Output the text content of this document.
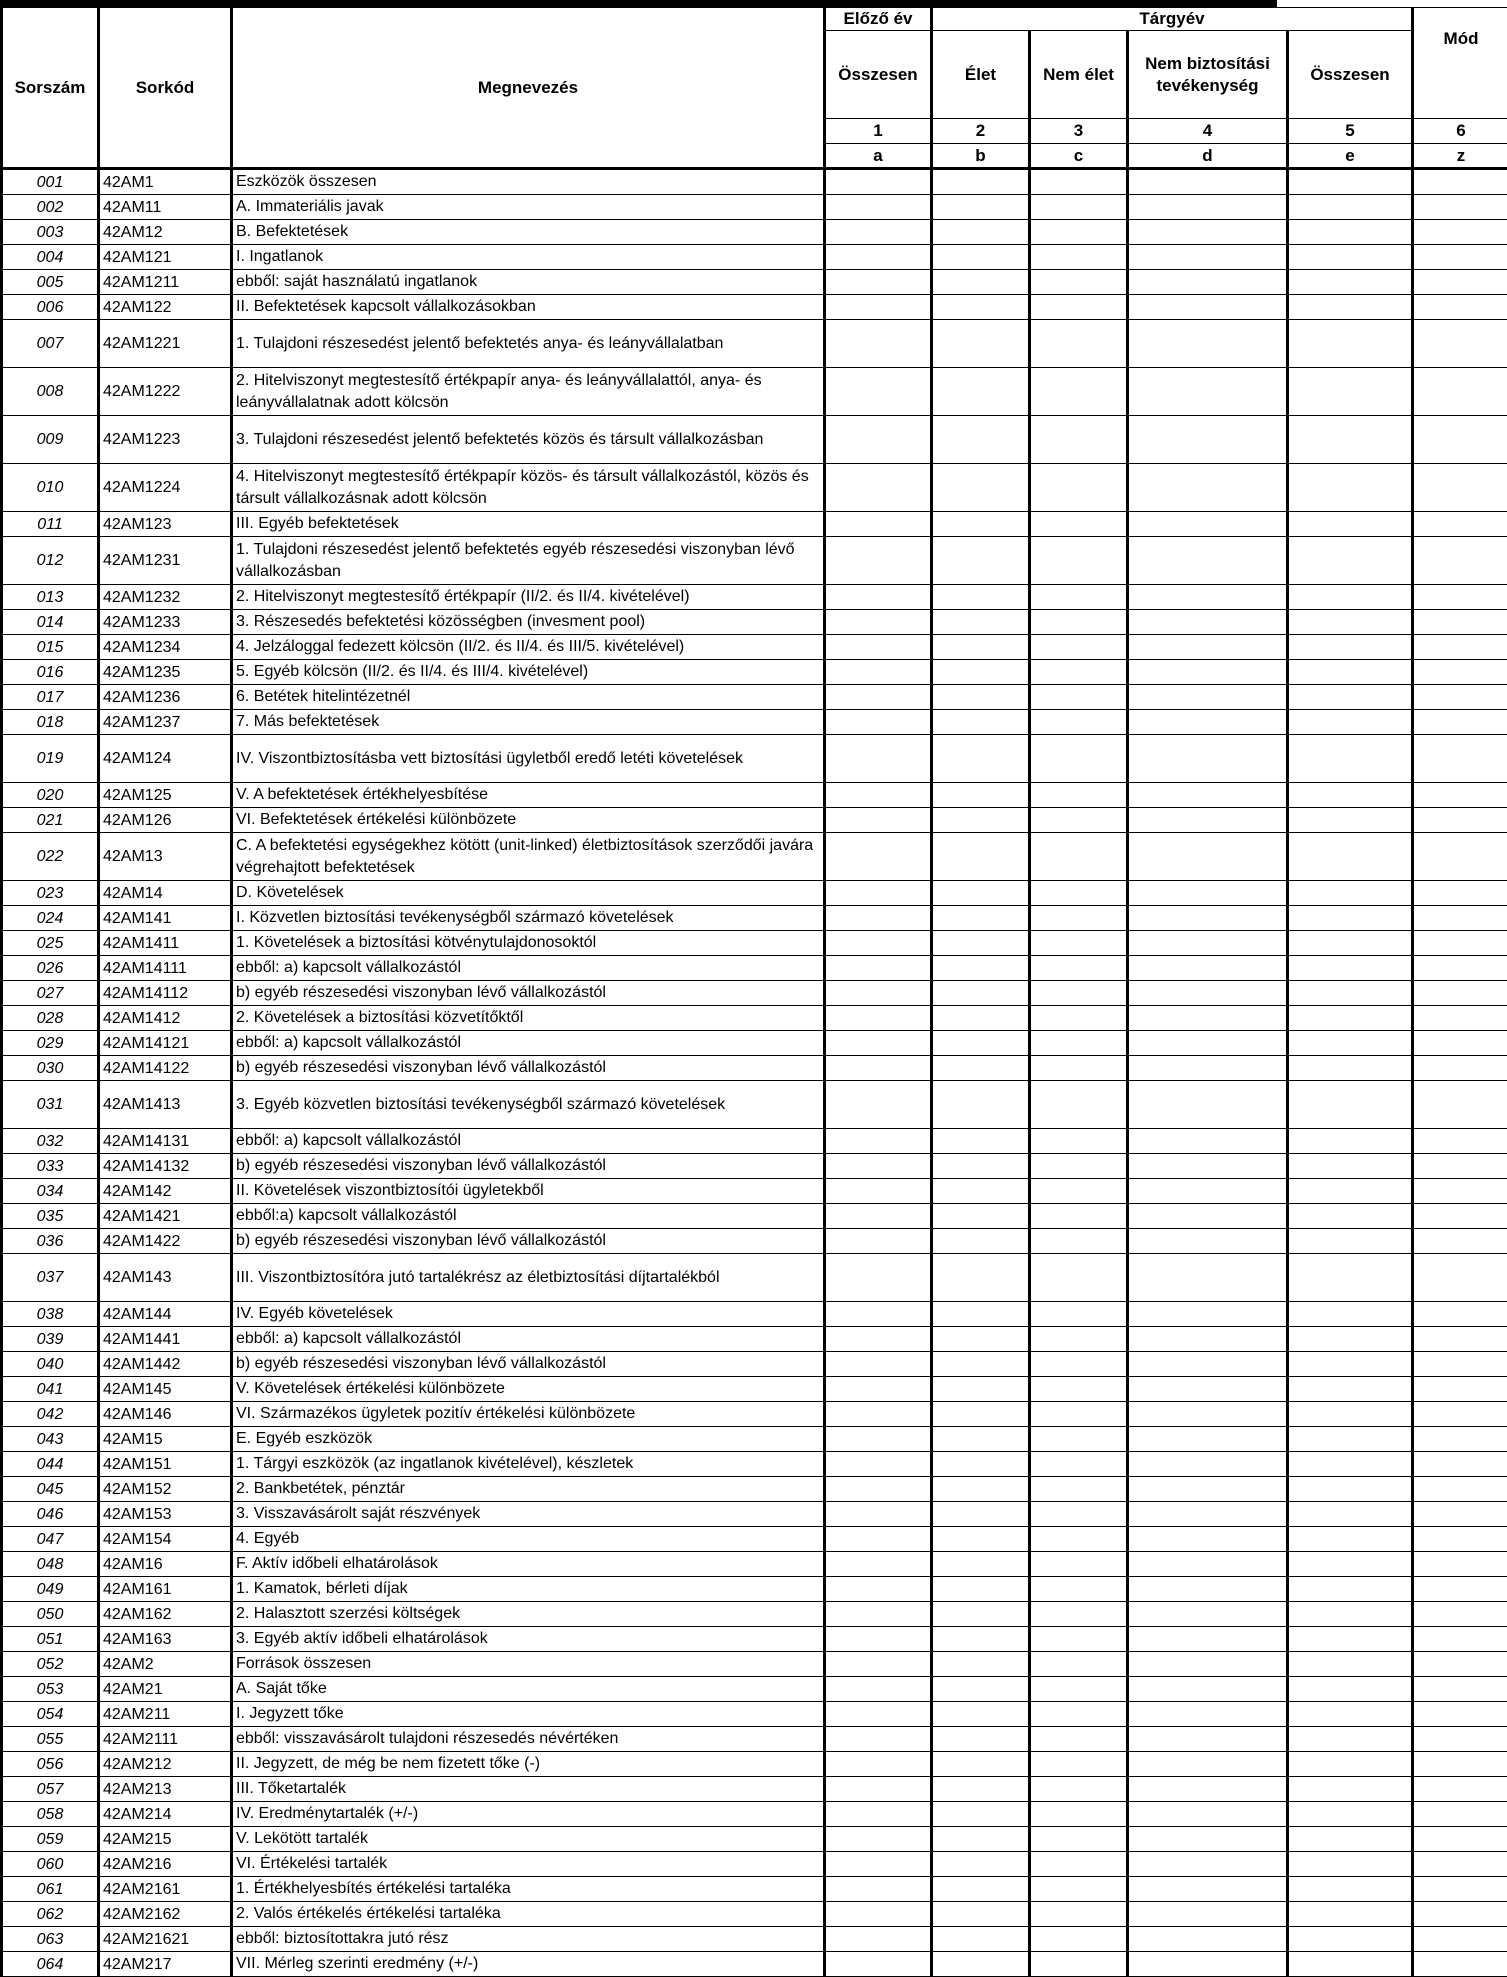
Sorszám	Sorkód	Megnevezés	Előző év	Tárgyév				Mód
			Összesen	Élet	Nem élet	Nem biztosítási tevékenység	Összesen	
			1	2	3	4	5	6
			a	b	c	d	e	z
001	42AM1	Eszközök összesen						
002	42AM11	A. Immateriális javak						
003	42AM12	B. Befektetések						
004	42AM121	I. Ingatlanok						
005	42AM1211	ebből: saját használatú ingatlanok						
006	42AM122	II. Befektetések kapcsolt vállalkozásokban						
007	42AM1221	1. Tulajdoni részesedést jelentő befektetés anya- és leányvállalatban						
008	42AM1222	2. Hitelviszonyt megtestesítő értékpapír anya- és leányvállalattól, anya- és leányvállalatnak adott kölcsön						
009	42AM1223	3. Tulajdoni részesedést jelentő befektetés közös és társult vállalkozásban						
010	42AM1224	4. Hitelviszonyt megtestesítő értékpapír közös- és társult vállalkozástól, közös és társult vállalkozásnak adott kölcsön						
011	42AM123	III. Egyéb befektetések						
012	42AM1231	1. Tulajdoni részesedést jelentő befektetés egyéb részesedési viszonyban lévő vállalkozásban						
013	42AM1232	2. Hitelviszonyt megtestesítő értékpapír (II/2. és II/4. kivételével)						
014	42AM1233	3. Részesedés befektetési közösségben (invesment pool)						
015	42AM1234	4. Jelzáloggal fedezett kölcsön (II/2. és II/4. és III/5. kivételével)						
016	42AM1235	5. Egyéb kölcsön (II/2. és II/4. és III/4. kivételével)						
017	42AM1236	6. Betétek hitelintézetnél						
018	42AM1237	7. Más befektetések						
019	42AM124	IV. Viszontbiztosításba vett biztosítási ügyletből eredő letéti követelések						
020	42AM125	V. A befektetések értékhelyesbítése						
021	42AM126	VI. Befektetések értékelési különbözete						
022	42AM13	C. A befektetési egységekhez kötött (unit-linked) életbiztosítások szerződői javára végrehajtott befektetések						
023	42AM14	D. Követelések						
024	42AM141	I. Közvetlen biztosítási tevékenységből származó követelések						
025	42AM1411	1. Követelések a biztosítási kötvénytulajdonosoktól						
026	42AM14111	ebből: a) kapcsolt vállalkozástól						
027	42AM14112	b) egyéb részesedési viszonyban lévő vállalkozástól						
028	42AM1412	2. Követelések a biztosítási közvetítőktől						
029	42AM14121	ebből: a) kapcsolt vállalkozástól						
030	42AM14122	b) egyéb részesedési viszonyban lévő vállalkozástól						
031	42AM1413	3. Egyéb közvetlen biztosítási tevékenységből származó követelések						
032	42AM14131	ebből: a) kapcsolt vállalkozástól						
033	42AM14132	b) egyéb részesedési viszonyban lévő vállalkozástól						
034	42AM142	II. Követelések viszontbiztosítói ügyletekből						
035	42AM1421	ebből:a) kapcsolt vállalkozástól						
036	42AM1422	b) egyéb részesedési viszonyban lévő vállalkozástól						
037	42AM143	III. Viszontbiztosítóra jutó tartalékrész az életbiztosítási díjtartalékból						
038	42AM144	IV. Egyéb követelések						
039	42AM1441	ebből: a) kapcsolt vállalkozástól						
040	42AM1442	b) egyéb részesedési viszonyban lévő vállalkozástól						
041	42AM145	V. Követelések értékelési különbözete						
042	42AM146	VI. Származékos ügyletek pozitív értékelési különbözete						
043	42AM15	E. Egyéb eszközök						
044	42AM151	1. Tárgyi eszközök (az ingatlanok kivételével), készletek						
045	42AM152	2. Bankbetétek, pénztár						
046	42AM153	3. Visszavásárolt saját részvények						
047	42AM154	4. Egyéb						
048	42AM16	F. Aktív időbeli elhatárolások						
049	42AM161	1. Kamatok, bérleti díjak						
050	42AM162	2. Halasztott szerzési költségek						
051	42AM163	3. Egyéb aktív időbeli elhatárolások						
052	42AM2	Források összesen						
053	42AM21	A. Saját tőke						
054	42AM211	I. Jegyzett tőke						
055	42AM2111	ebből: visszavásárolt tulajdoni részesedés névértéken						
056	42AM212	II. Jegyzett, de még be nem fizetett tőke (-)						
057	42AM213	III. Tőketartalék						
058	42AM214	IV. Eredménytartalék (+/-)						
059	42AM215	V. Lekötött tartalék						
060	42AM216	VI. Értékelési tartalék						
061	42AM2161	1. Értékhelyesbítés értékelési tartaléka						
062	42AM2162	2. Valós értékelés értékelési tartaléka						
063	42AM21621	ebből: biztosítottakra jutó rész						
064	42AM217	VII. Mérleg szerinti eredmény (+/-)						
